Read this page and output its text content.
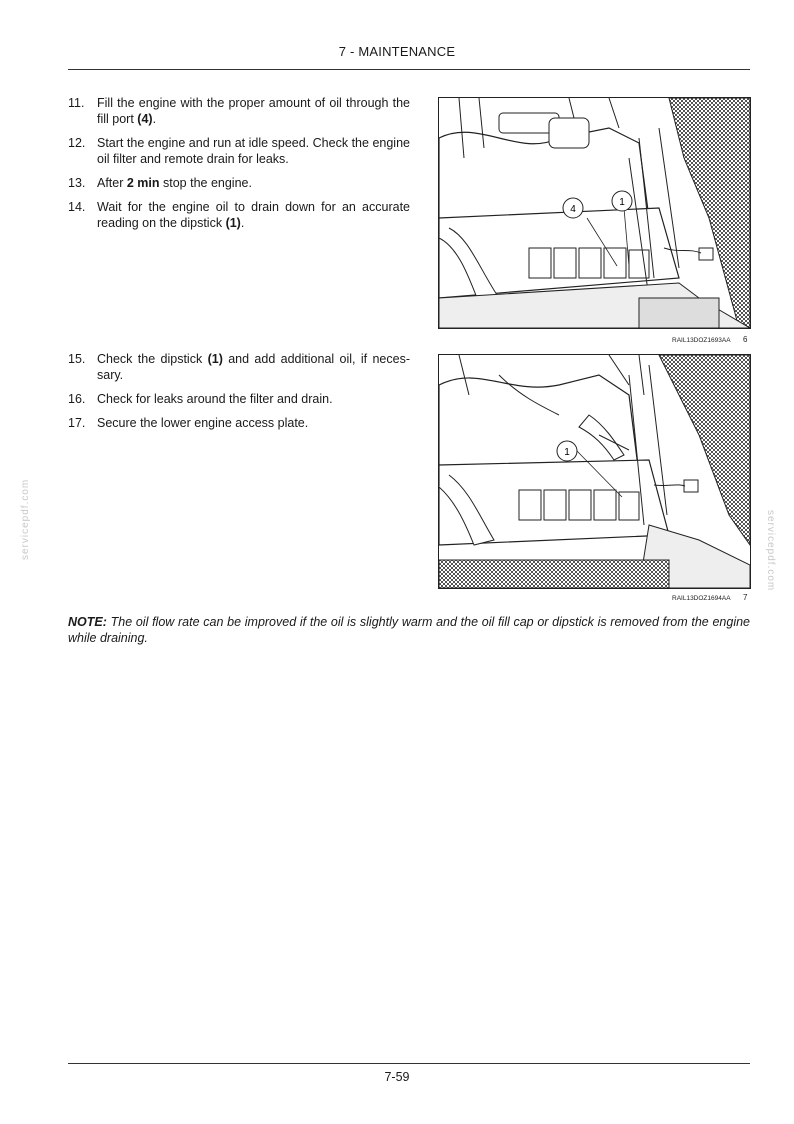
7 - MAINTENANCE
11. Fill the engine with the proper amount of oil through the fill port (4).
12. Start the engine and run at idle speed. Check the engine oil filter and remote drain for leaks.
13. After 2 min stop the engine.
14. Wait for the engine oil to drain down for an accurate reading on the dipstick (1).
4
1
RAIL13DOZ1693AA 6
15. Check the dipstick (1) and add additional oil, if neces-sary.
16. Check for leaks around the filter and drain.
17. Secure the lower engine access plate.
1
RAIL13DOZ1694AA 7
NOTE: The oil flow rate can be improved if the oil is slightly warm and the oil fill cap or dipstick is removed from the engine while draining.
servicepdf.com	servicepdf.com
7-59
